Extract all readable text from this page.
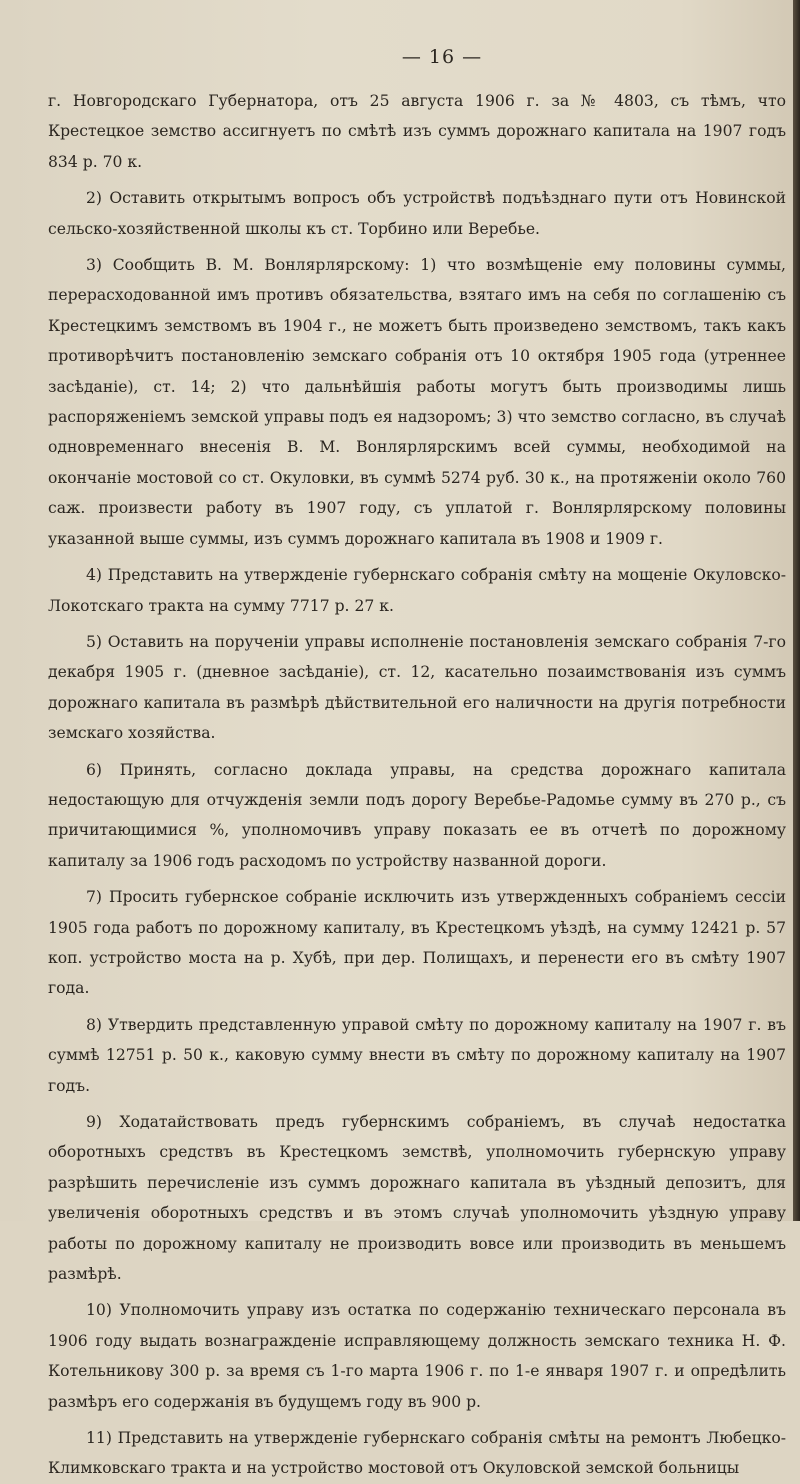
— 16 —

г. Новгородскаго Губернатора, отъ 25 августа 1906 г. за № 4803, съ тѣмъ, что Крестецкое земство ассигнуетъ по смѣтѣ изъ суммъ дорожнаго капитала на 1907 годъ 834 р. 70 к.

2) Оставить открытымъ вопросъ объ устройствѣ подъѣзднаго пути отъ Новинской сельско-хозяйственной школы къ ст. Торбино или Веребье.

3) Сообщить В. М. Вонлярлярскому: 1) что возмѣщеніе ему половины суммы, перерасходованной имъ противъ обязательства, взятаго имъ на себя по соглашенію съ Крестецкимъ земствомъ въ 1904 г., не можетъ быть произведено земствомъ, такъ какъ противорѣчитъ постановленію земскаго собранія отъ 10 октября 1905 года (утреннее засѣданіе), ст. 14; 2) что дальнѣйшія работы могутъ быть производимы лишь распоряженіемъ земской управы подъ ея надзоромъ; 3) что земство согласно, въ случаѣ одновременнаго внесенія В. М. Вонлярлярскимъ всей суммы, необходимой на окончаніе мостовой со ст. Окуловки, въ суммѣ 5274 руб. 30 к., на протяженіи около 760 саж. произвести работу въ 1907 году, съ уплатой г. Вонлярлярскому половины указанной выше суммы, изъ суммъ дорожнаго капитала въ 1908 и 1909 г.

4) Представить на утвержденіе губернскаго собранія смѣту на мощеніе Окуловско-Локотскаго тракта на сумму 7717 р. 27 к.

5) Оставить на порученіи управы исполненіе постановленія земскаго собранія 7-го декабря 1905 г. (дневное засѣданіе), ст. 12, касательно позаимствованія изъ суммъ дорожнаго капитала въ размѣрѣ дѣйствительной его наличности на другія потребности земскаго хозяйства.

6) Принять, согласно доклада управы, на средства дорожнаго капитала недостающую для отчужденія земли подъ дорогу Веребье-Радомье сумму въ 270 р., съ причитающимися %, уполномочивъ управу показать ее въ отчетѣ по дорожному капиталу за 1906 годъ расходомъ по устройству названной дороги.

7) Просить губернское собраніе исключить изъ утвержденныхъ собраніемъ сессіи 1905 года работъ по дорожному капиталу, въ Крестецкомъ уѣздѣ, на сумму 12421 р. 57 коп. устройство моста на р. Хубѣ, при дер. Полищахъ, и перенести его въ смѣту 1907 года.

8) Утвердить представленную управой смѣту по дорожному капиталу на 1907 г. въ суммѣ 12751 р. 50 к., каковую сумму внести въ смѣту по дорожному капиталу на 1907 годъ.

9) Ходатайствовать предъ губернскимъ собраніемъ, въ случаѣ недостатка оборотныхъ средствъ въ Крестецкомъ земствѣ, уполномочить губернскую управу разрѣшить перечисленіе изъ суммъ дорожнаго капитала въ уѣздный депозитъ, для увеличенія оборотныхъ средствъ и въ этомъ случаѣ уполномочить уѣздную управу работы по дорожному капиталу не производить вовсе или производить въ меньшемъ размѣрѣ.

10) Уполномочить управу изъ остатка по содержанію техническаго персонала въ 1906 году выдать вознагражденіе исправляющему должность земскаго техника Н. Ф. Котельникову 300 р. за время съ 1-го марта 1906 г. по 1-е января 1907 г. и опредѣлить размѣръ его содержанія въ будущемъ году въ 900 р.

11) Представить на утвержденіе губернскаго собранія смѣты на ремонтъ Любецко-Климковскаго тракта и на устройство мостовой отъ Окуловской земской больницы
